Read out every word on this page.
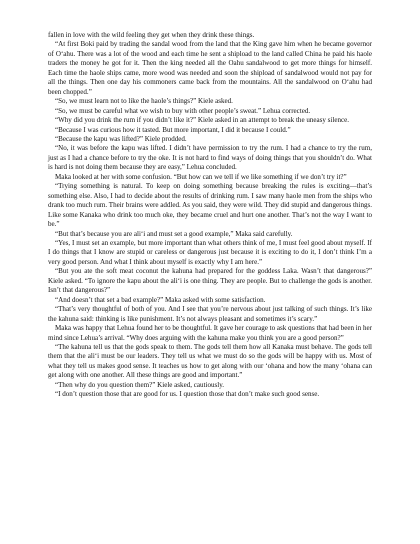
fallen in love with the wild feeling they get when they drink these things.

“At first Boki paid by trading the sandal wood from the land that the King gave him when he became governor of O‘ahu. There was a lot of the wood and each time he sent a shipload to the land called China he paid his haole traders the money he got for it. Then the king needed all the Oahu sandalwood to get more things for himself. Each time the haole ships came, more wood was needed and soon the shipload of sandalwood would not pay for all the things. Then one day his commoners came back from the mountains. All the sandalwood on O‘ahu had been chopped.”

“So, we must learn not to like the haole’s things?” Kiele asked.

“So, we must be careful what we wish to buy with other people’s sweat.” Lehua corrected.

“Why did you drink the rum if you didn’t like it?” Kiele asked in an attempt to break the uneasy silence.

“Because I was curious how it tasted. But more important, I did it because I could.”

“Because the kapu was lifted?” Kiele prodded.

“No, it was before the kapu was lifted. I didn’t have permission to try the rum. I had a chance to try the rum, just as I had a chance before to try the oke. It is not hard to find ways of doing things that you shouldn’t do. What is hard is not doing them because they are easy,” Lehua concluded.

Maka looked at her with some confusion. “But how can we tell if we like something if we don’t try it?”

“Trying something is natural. To keep on doing something because breaking the rules is exciting—that’s something else. Also, I had to decide about the results of drinking rum. I saw many haole men from the ships who drank too much rum. Their brains were addled. As you said, they were wild. They did stupid and dangerous things. Like some Kanaka who drink too much oke, they became cruel and hurt one another. That’s not the way I want to be.”

“But that’s because you are ali‘i and must set a good example,” Maka said carefully.

“Yes, I must set an example, but more important than what others think of me, I must feel good about myself. If I do things that I know are stupid or careless or dangerous just because it is exciting to do it, I don’t think I’m a very good person. And what I think about myself is exactly why I am here.”

“But you ate the soft meat coconut the kahuna had prepared for the goddess Laka. Wasn’t that dangerous?” Kiele asked. “To ignore the kapu about the ali‘i is one thing. They are people. But to challenge the gods is another. Isn’t that dangerous?”

“And doesn’t that set a bad example?” Maka asked with some satisfaction.

“That’s very thoughtful of both of you. And I see that you’re nervous about just talking of such things. It’s like the kahuna said: thinking is like punishment. It’s not always pleasant and sometimes it’s scary.”

Maka was happy that Lehua found her to be thoughtful. It gave her courage to ask questions that had been in her mind since Lehua’s arrival. “Why does arguing with the kahuna make you think you are a good person?”

“The kahuna tell us that the gods speak to them. The gods tell them how all Kanaka must behave. The gods tell them that the ali‘i must be our leaders. They tell us what we must do so the gods will be happy with us. Most of what they tell us makes good sense. It teaches us how to get along with our ‘ohana and how the many ‘ohana can get along with one another. All these things are good and important.”

“Then why do you question them?” Kiele asked, cautiously.

“I don’t question those that are good for us. I question those that don’t make such good sense.
